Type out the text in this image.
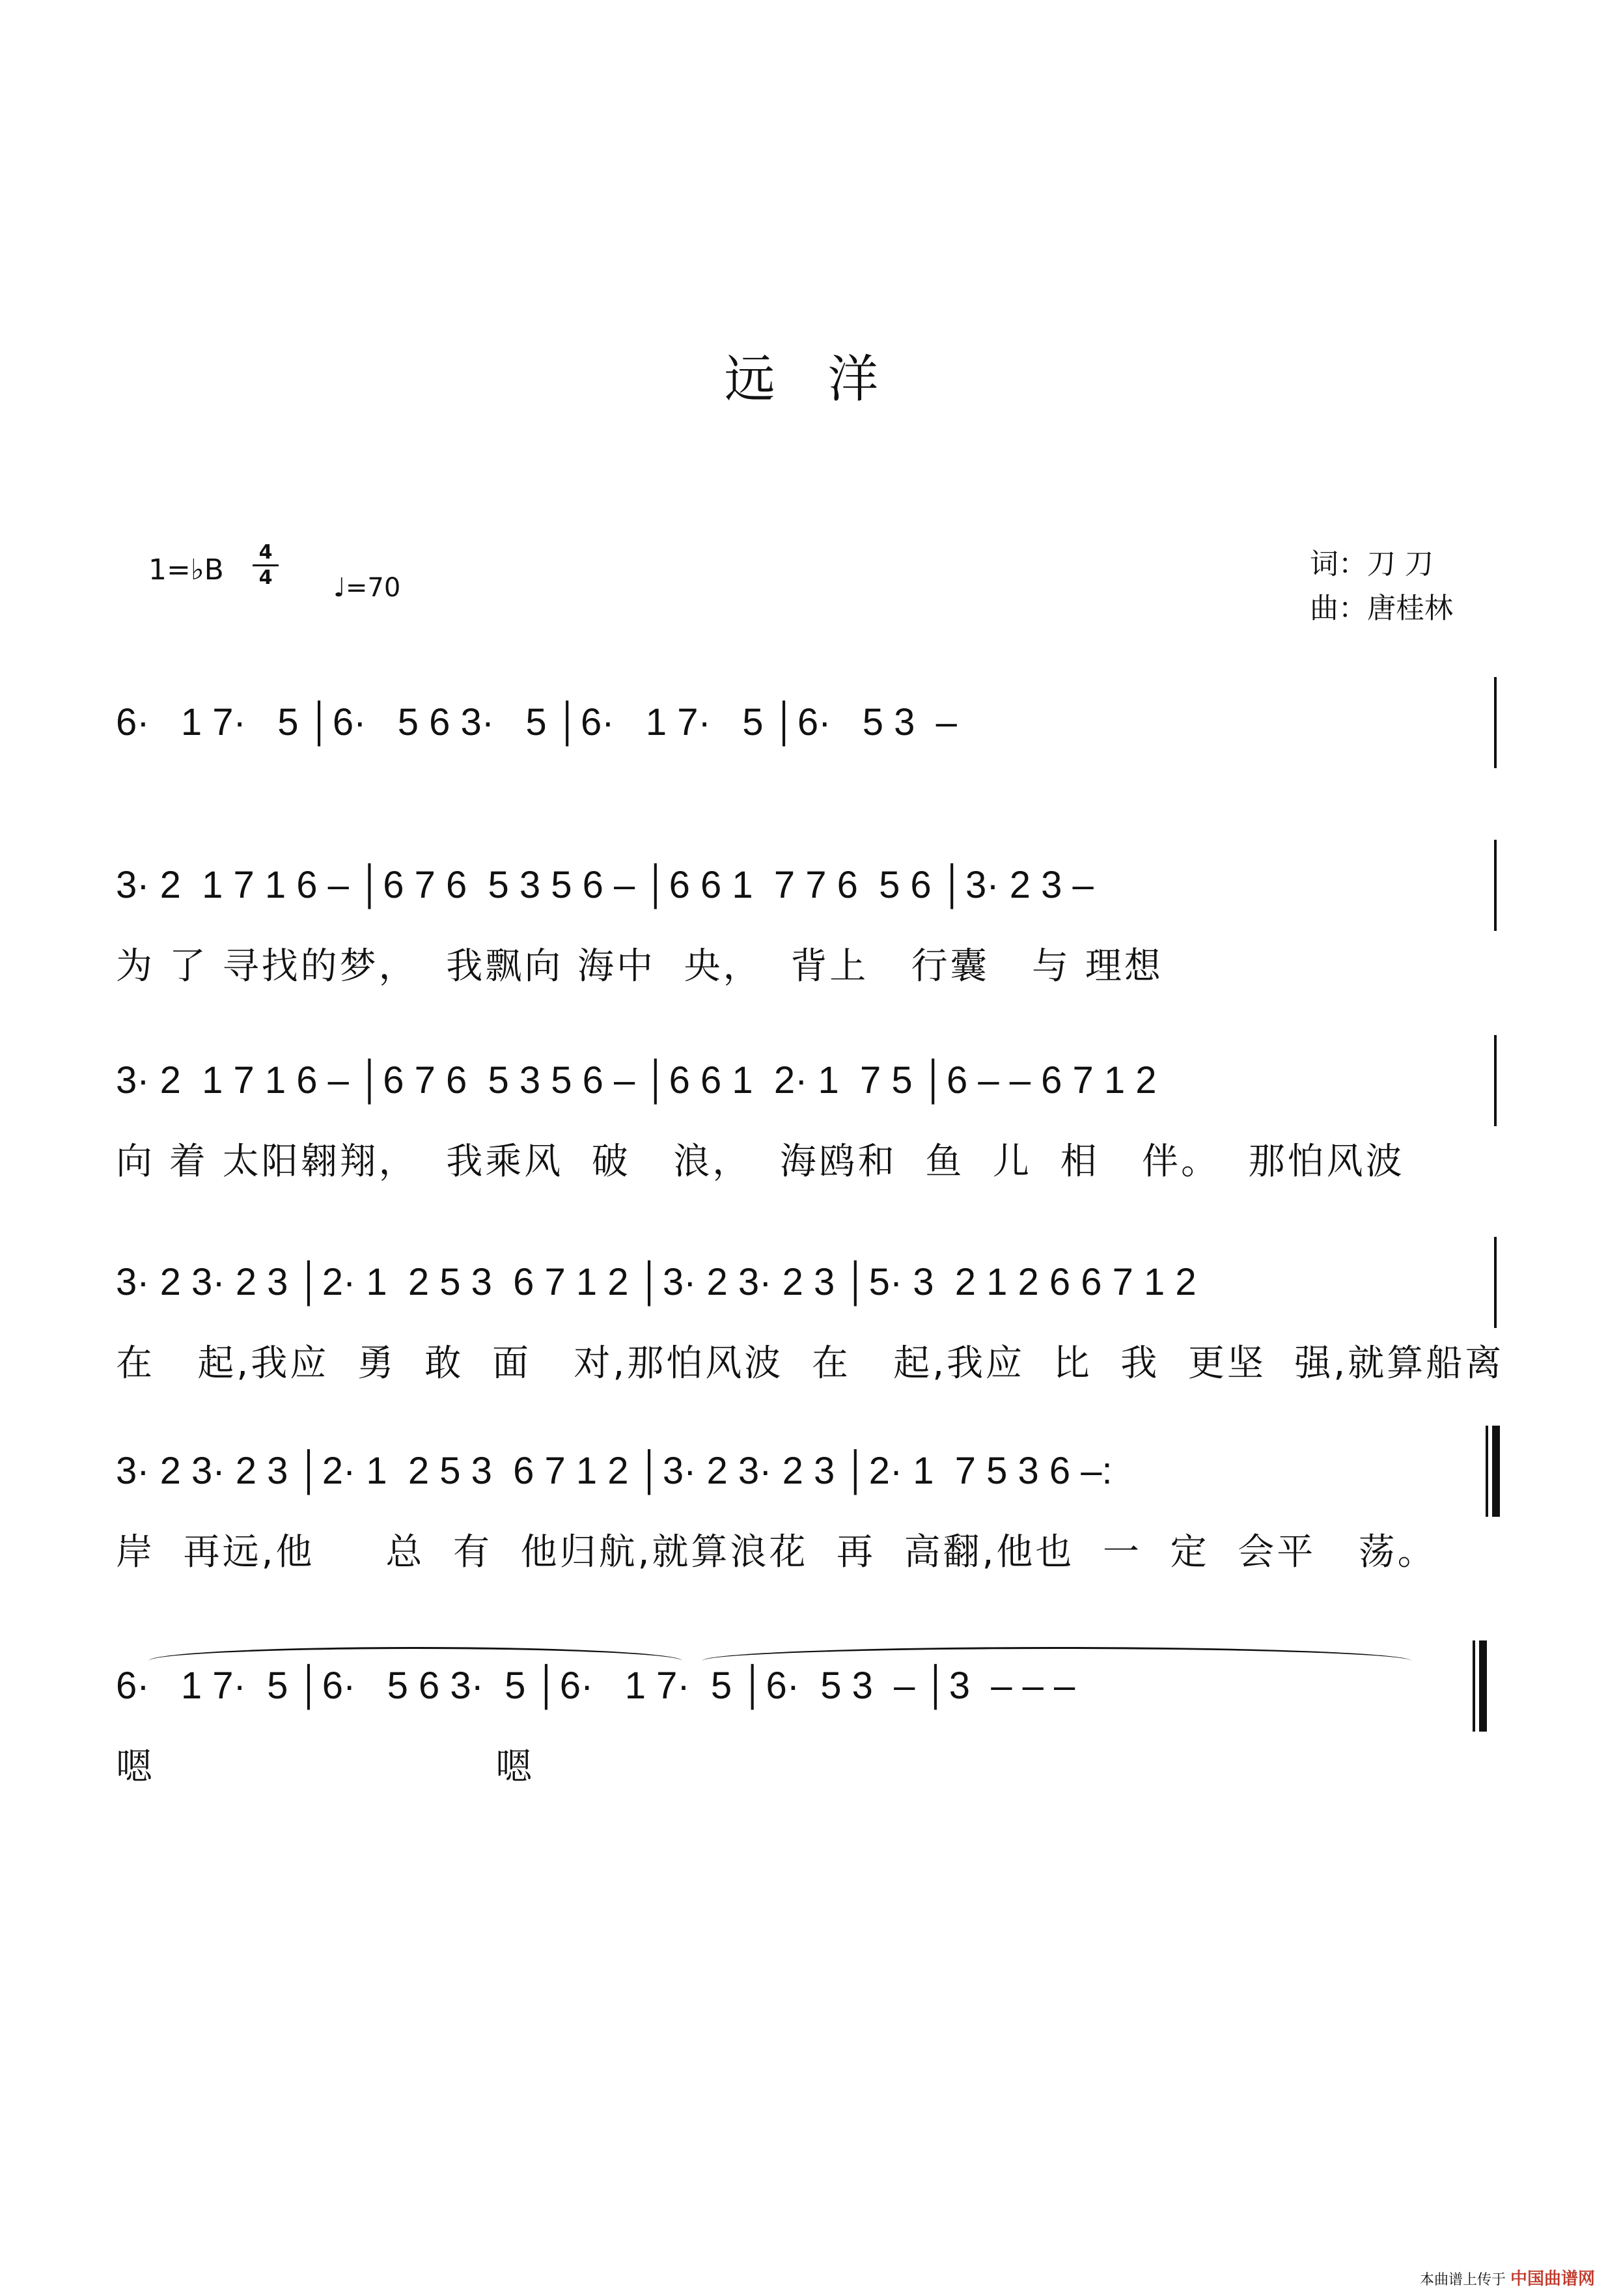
远 洋
1=♭B
4
4 ♩=70
词：刀 刀
曲：唐桂林
6·   1 7·   5 │6·   5 6 3·   5 │6·   1 7·   5 │6·   5 3  –
3· 2  1 7 1 6 – │6 7 6  5 3 5 6 – │6 6 1  7 7 6  5 6 │3· 2 3 –
为 了 寻找的梦，  我飘向 海中  央，  背上   行囊   与 理想
3· 2  1 7 1 6 – │6 7 6  5 3 5 6 – │6 6 1  2· 1  7 5 │6 – – 6 7 1 2
向 着 太阳翱翔，  我乘风  破   浪，  海鸥和  鱼  儿  相   伴。  那怕风波
3· 2 3· 2 3 │2· 1  2 5 3  6 7 1 2 │3· 2 3· 2 3 │5· 3  2 1 2 6 6 7 1 2
在   起,我应  勇  敢  面   对,那怕风波  在   起,我应  比  我  更坚  强,就算船离
3· 2 3· 2 3 │2· 1  2 5 3  6 7 1 2 │3· 2 3· 2 3 │2· 1  7 5 3 6 –:
岸  再远,他     总  有  他归航,就算浪花  再  高翻,他也  一  定  会平   荡。
6·   1 7·  5 │6·   5 6 3·  5 │6·   1 7·  5 │6·  5 3  – │3  – – –
嗯                        嗯
本曲谱上传于 中国曲谱网
